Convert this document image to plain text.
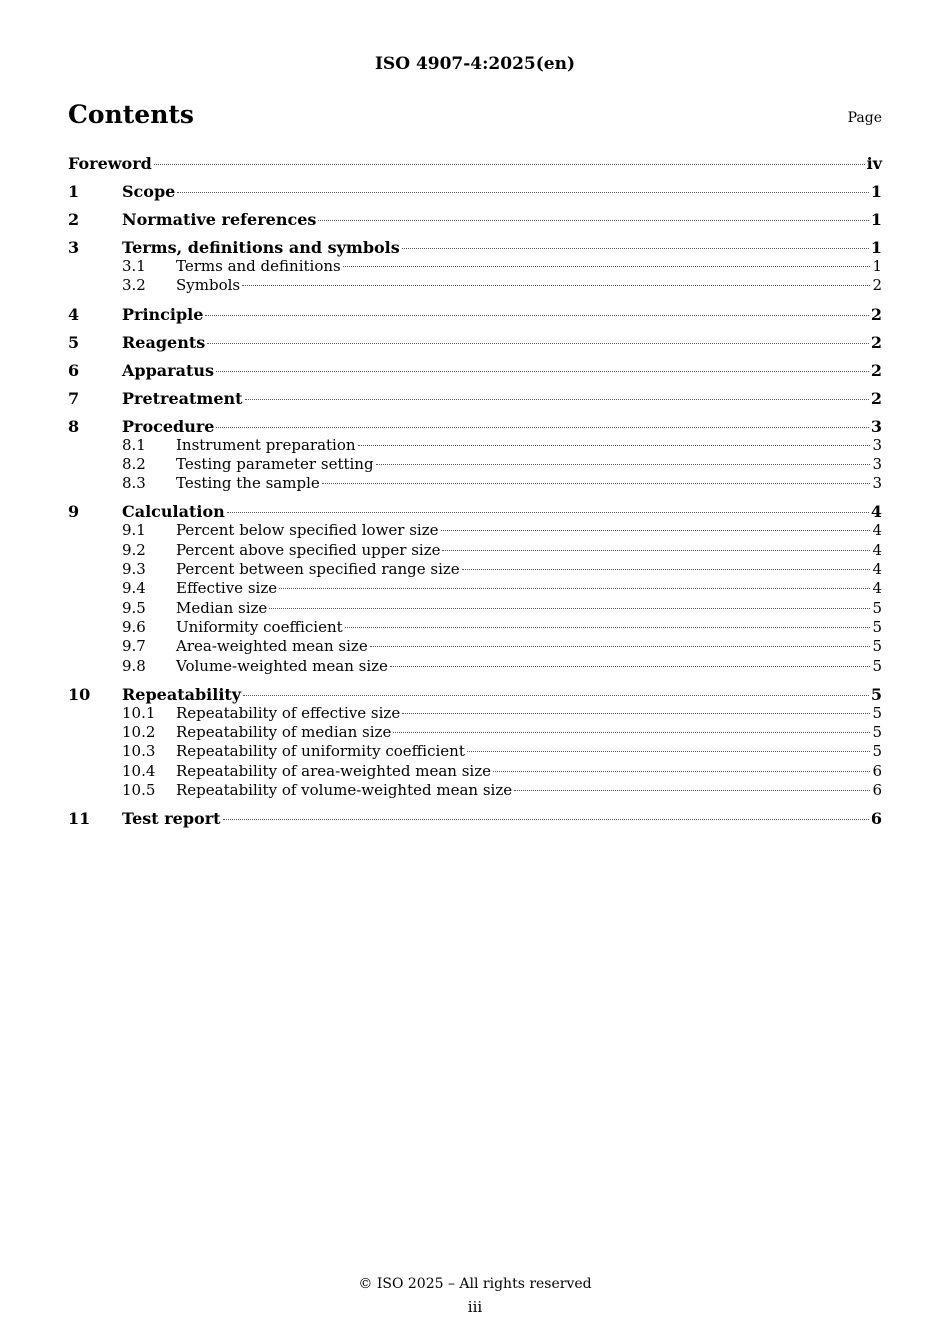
ISO 4907-4:2025(en)
Contents	Page
Foreword	iv
1	Scope	1
2	Normative references	1
3	Terms, definitions and symbols	1
3.1	Terms and definitions	1
3.2	Symbols	2
4	Principle	2
5	Reagents	2
6	Apparatus	2
7	Pretreatment	2
8	Procedure	3
8.1	Instrument preparation	3
8.2	Testing parameter setting	3
8.3	Testing the sample	3
9	Calculation	4
9.1	Percent below specified lower size	4
9.2	Percent above specified upper size	4
9.3	Percent between specified range size	4
9.4	Effective size	4
9.5	Median size	5
9.6	Uniformity coefficient	5
9.7	Area-weighted mean size	5
9.8	Volume-weighted mean size	5
10	Repeatability	5
10.1	Repeatability of effective size	5
10.2	Repeatability of median size	5
10.3	Repeatability of uniformity coefficient	5
10.4	Repeatability of area-weighted mean size	6
10.5	Repeatability of volume-weighted mean size	6
11	Test report	6
© ISO 2025 – All rights reserved
iii
